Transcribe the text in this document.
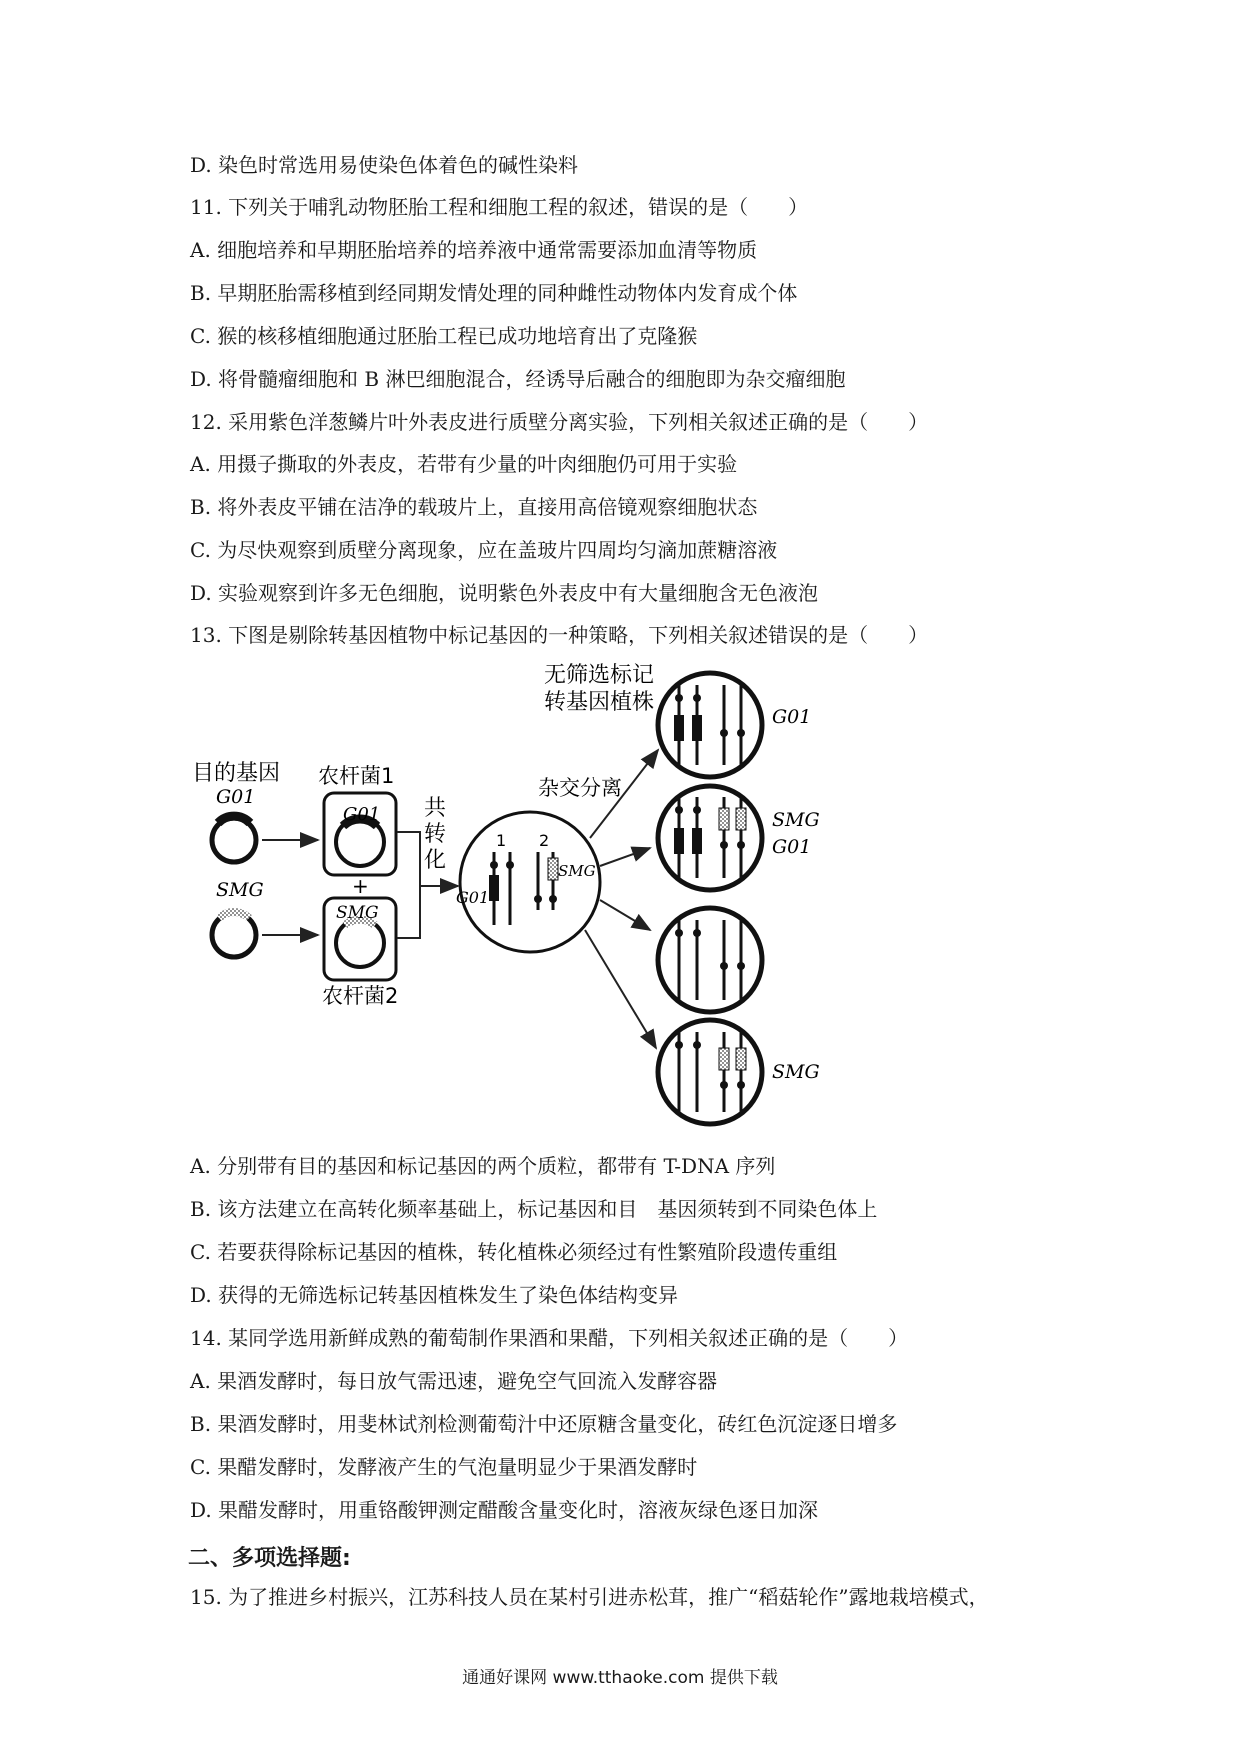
D. 染色时常选用易使染色体着色的碱性染料
11. 下列关于哺乳动物胚胎工程和细胞工程的叙述，错误的是（　　）
A. 细胞培养和早期胚胎培养的培养液中通常需要添加血清等物质
B. 早期胚胎需移植到经同期发情处理的同种雌性动物体内发育成个体
C. 猴的核移植细胞通过胚胎工程已成功地培育出了克隆猴
D. 将骨髓瘤细胞和 B 淋巴细胞混合，经诱导后融合的细胞即为杂交瘤细胞
12. 采用紫色洋葱鳞片叶外表皮进行质壁分离实验，下列相关叙述正确的是（　　）
A. 用摄子撕取的外表皮，若带有少量的叶肉细胞仍可用于实验
B. 将外表皮平铺在洁净的载玻片上，直接用高倍镜观察细胞状态
C. 为尽快观察到质壁分离现象，应在盖玻片四周均匀滴加蔗糖溶液
D. 实验观察到许多无色细胞，说明紫色外表皮中有大量细胞含无色液泡
13. 下图是剔除转基因植物中标记基因的一种策略，下列相关叙述错误的是（　　）
目的基因
G01
SMG
农杆菌1
G01
+
SMG
农杆菌2
共
转
化
1 2
G01
SMG
杂交分离
无筛选标记
转基因植株
G01
SMG
G01
SMG
A. 分别带有目的基因和标记基因的两个质粒，都带有 T-DNA 序列
B. 该方法建立在高转化频率基础上，标记基因和目　基因须转到不同染色体上
C. 若要获得除标记基因的植株，转化植株必须经过有性繁殖阶段遗传重组
D. 获得的无筛选标记转基因植株发生了染色体结构变异
14. 某同学选用新鲜成熟的葡萄制作果酒和果醋，下列相关叙述正确的是（　　）
A. 果酒发酵时，每日放气需迅速，避免空气回流入发酵容器
B. 果酒发酵时，用斐林试剂检测葡萄汁中还原糖含量变化，砖红色沉淀逐日增多
C. 果醋发酵时，发酵液产生的气泡量明显少于果酒发酵时
D. 果醋发酵时，用重铬酸钾测定醋酸含量变化时，溶液灰绿色逐日加深
二、多项选择题:
15. 为了推进乡村振兴，江苏科技人员在某村引进赤松茸，推广“稻菇轮作”露地栽培模式，
通通好课网 www.tthaoke.com 提供下载
